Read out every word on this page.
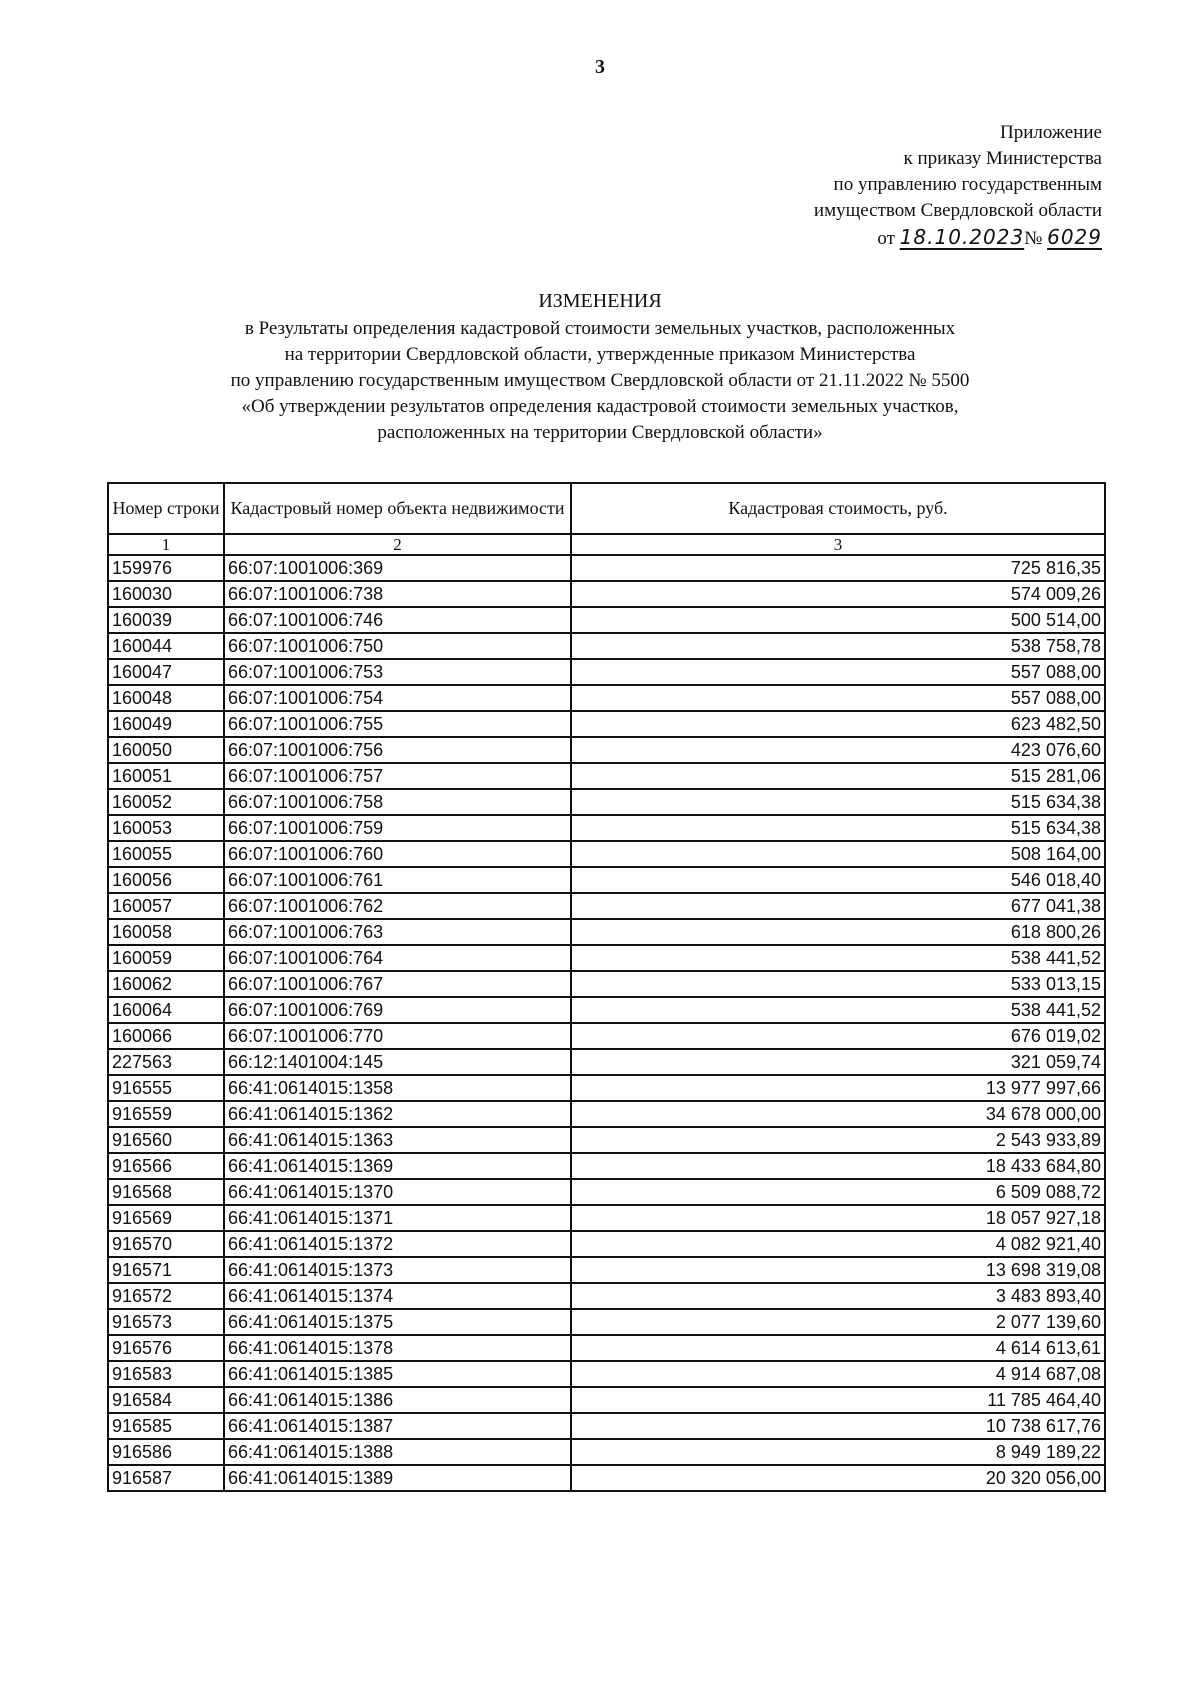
3
Приложение
к приказу Министерства
по управлению государственным
имуществом Свердловской области
от 18.10.2023№ 6029
ИЗМЕНЕНИЯ
в Результаты определения кадастровой стоимости земельных участков, расположенных
на территории Свердловской области, утвержденные приказом Министерства
по управлению государственным имуществом Свердловской области от 21.11.2022 № 5500
«Об утверждении результатов определения кадастровой стоимости земельных участков,
расположенных на территории Свердловской области»
Номер строки	Кадастровый номер объекта недвижимости	Кадастровая стоимость, руб.
1	2	3
159976	66:07:1001006:369	725 816,35
160030	66:07:1001006:738	574 009,26
160039	66:07:1001006:746	500 514,00
160044	66:07:1001006:750	538 758,78
160047	66:07:1001006:753	557 088,00
160048	66:07:1001006:754	557 088,00
160049	66:07:1001006:755	623 482,50
160050	66:07:1001006:756	423 076,60
160051	66:07:1001006:757	515 281,06
160052	66:07:1001006:758	515 634,38
160053	66:07:1001006:759	515 634,38
160055	66:07:1001006:760	508 164,00
160056	66:07:1001006:761	546 018,40
160057	66:07:1001006:762	677 041,38
160058	66:07:1001006:763	618 800,26
160059	66:07:1001006:764	538 441,52
160062	66:07:1001006:767	533 013,15
160064	66:07:1001006:769	538 441,52
160066	66:07:1001006:770	676 019,02
227563	66:12:1401004:145	321 059,74
916555	66:41:0614015:1358	13 977 997,66
916559	66:41:0614015:1362	34 678 000,00
916560	66:41:0614015:1363	2 543 933,89
916566	66:41:0614015:1369	18 433 684,80
916568	66:41:0614015:1370	6 509 088,72
916569	66:41:0614015:1371	18 057 927,18
916570	66:41:0614015:1372	4 082 921,40
916571	66:41:0614015:1373	13 698 319,08
916572	66:41:0614015:1374	3 483 893,40
916573	66:41:0614015:1375	2 077 139,60
916576	66:41:0614015:1378	4 614 613,61
916583	66:41:0614015:1385	4 914 687,08
916584	66:41:0614015:1386	11 785 464,40
916585	66:41:0614015:1387	10 738 617,76
916586	66:41:0614015:1388	8 949 189,22
916587	66:41:0614015:1389	20 320 056,00
